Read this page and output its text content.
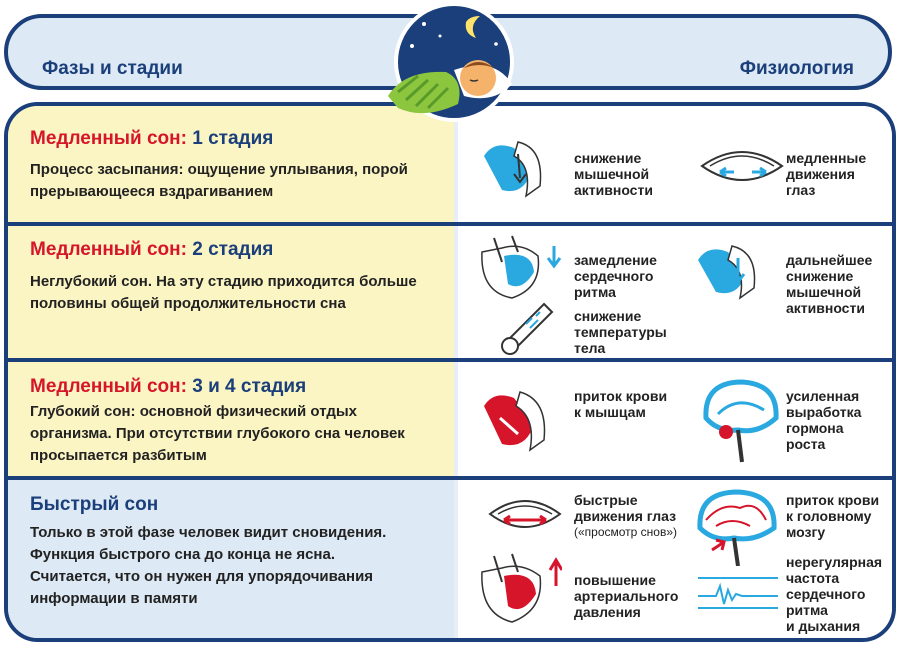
Фазы и стадии	Физиология
Медленный сон: 1 стадия
Процесс засыпания: ощущение уплывания, порой
прерывающееся вздрагиванием
снижение
мышечной
активности
медленные
движения
глаз
Медленный сон: 2 стадия
Неглубокий сон. На эту стадию приходится больше
половины общей продолжительности сна
замедление
сердечного
ритма
дальнейшее
снижение
мышечной
активности
снижение
температуры
тела
Медленный сон: 3 и 4 стадия
Глубокий сон: основной физический отдых
организма. При отсутствии глубокого сна человек
просыпается разбитым
приток крови
к мышцам
усиленная
выработка
гормона
роста
Быстрый сон
Только в этой фазе человек видит сновидения.
Функция быстрого сна до конца не ясна.
Считается, что он нужен для упорядочивания
информации в памяти
быстрые
движения глаз
(«просмотр снов»)
приток крови
к головному
мозгу
повышение
артериального
давления
нерегулярная
частота
сердечного
ритма
и дыхания
